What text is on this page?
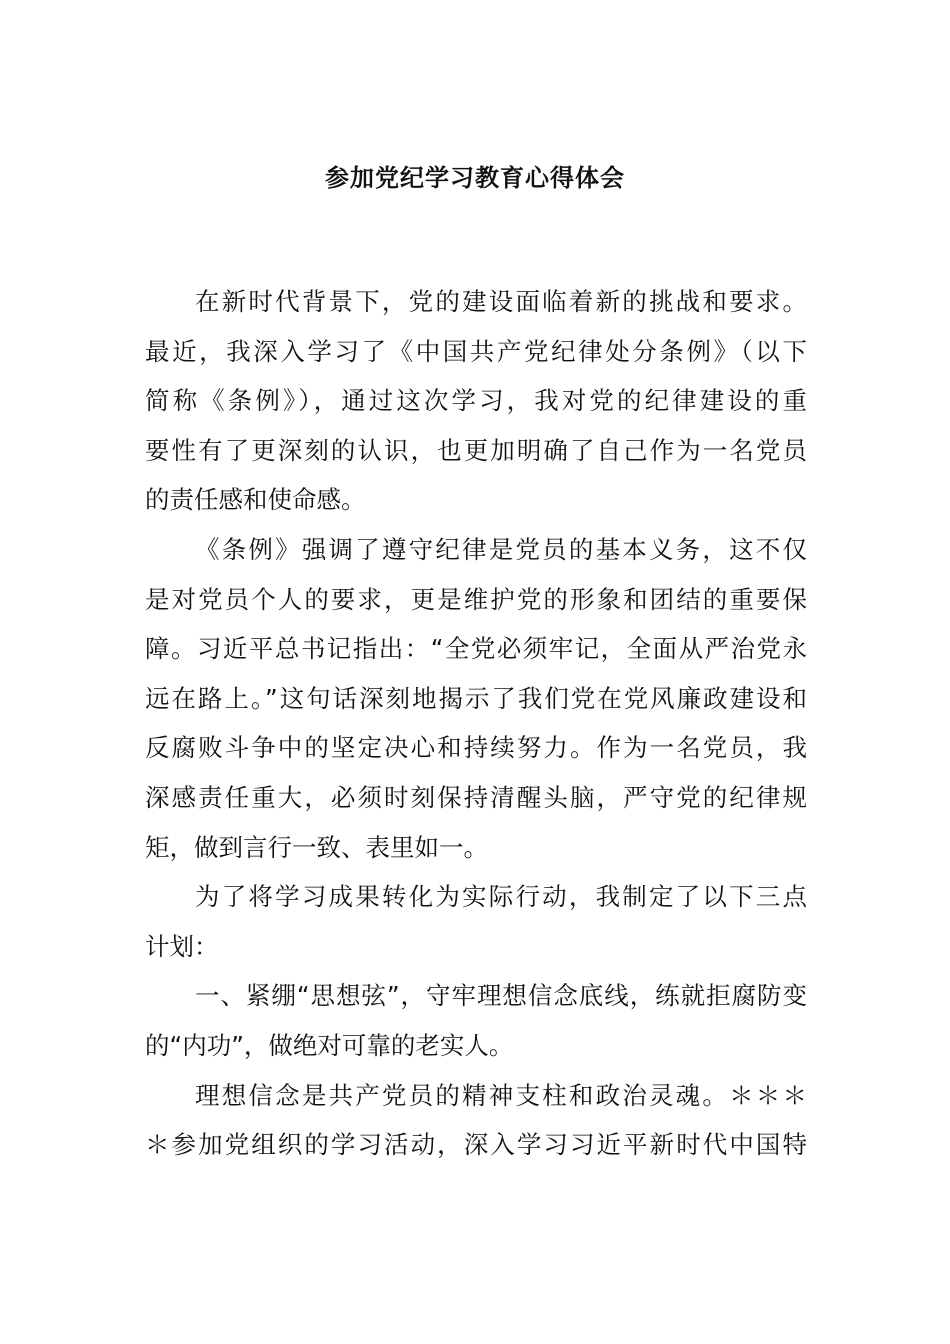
参加党纪学习教育心得体会
在新时代背景下，党的建设面临着新的挑战和要求。
最近，我深入学习了《中国共产党纪律处分条例》（以下
简称《条例》），通过这次学习，我对党的纪律建设的重
要性有了更深刻的认识，也更加明确了自己作为一名党员
的责任感和使命感。
《条例》强调了遵守纪律是党员的基本义务，这不仅
是对党员个人的要求，更是维护党的形象和团结的重要保
障。习近平总书记指出：“全党必须牢记，全面从严治党永
远在路上。”这句话深刻地揭示了我们党在党风廉政建设和
反腐败斗争中的坚定决心和持续努力。作为一名党员，我
深感责任重大，必须时刻保持清醒头脑，严守党的纪律规
矩，做到言行一致、表里如一。
为了将学习成果转化为实际行动，我制定了以下三点
计划：
一、紧绷“思想弦”，守牢理想信念底线，练就拒腐防变
的“内功”，做绝对可靠的老实人。
理想信念是共产党员的精神支柱和政治灵魂。＊＊＊
＊参加党组织的学习活动，深入学习习近平新时代中国特
